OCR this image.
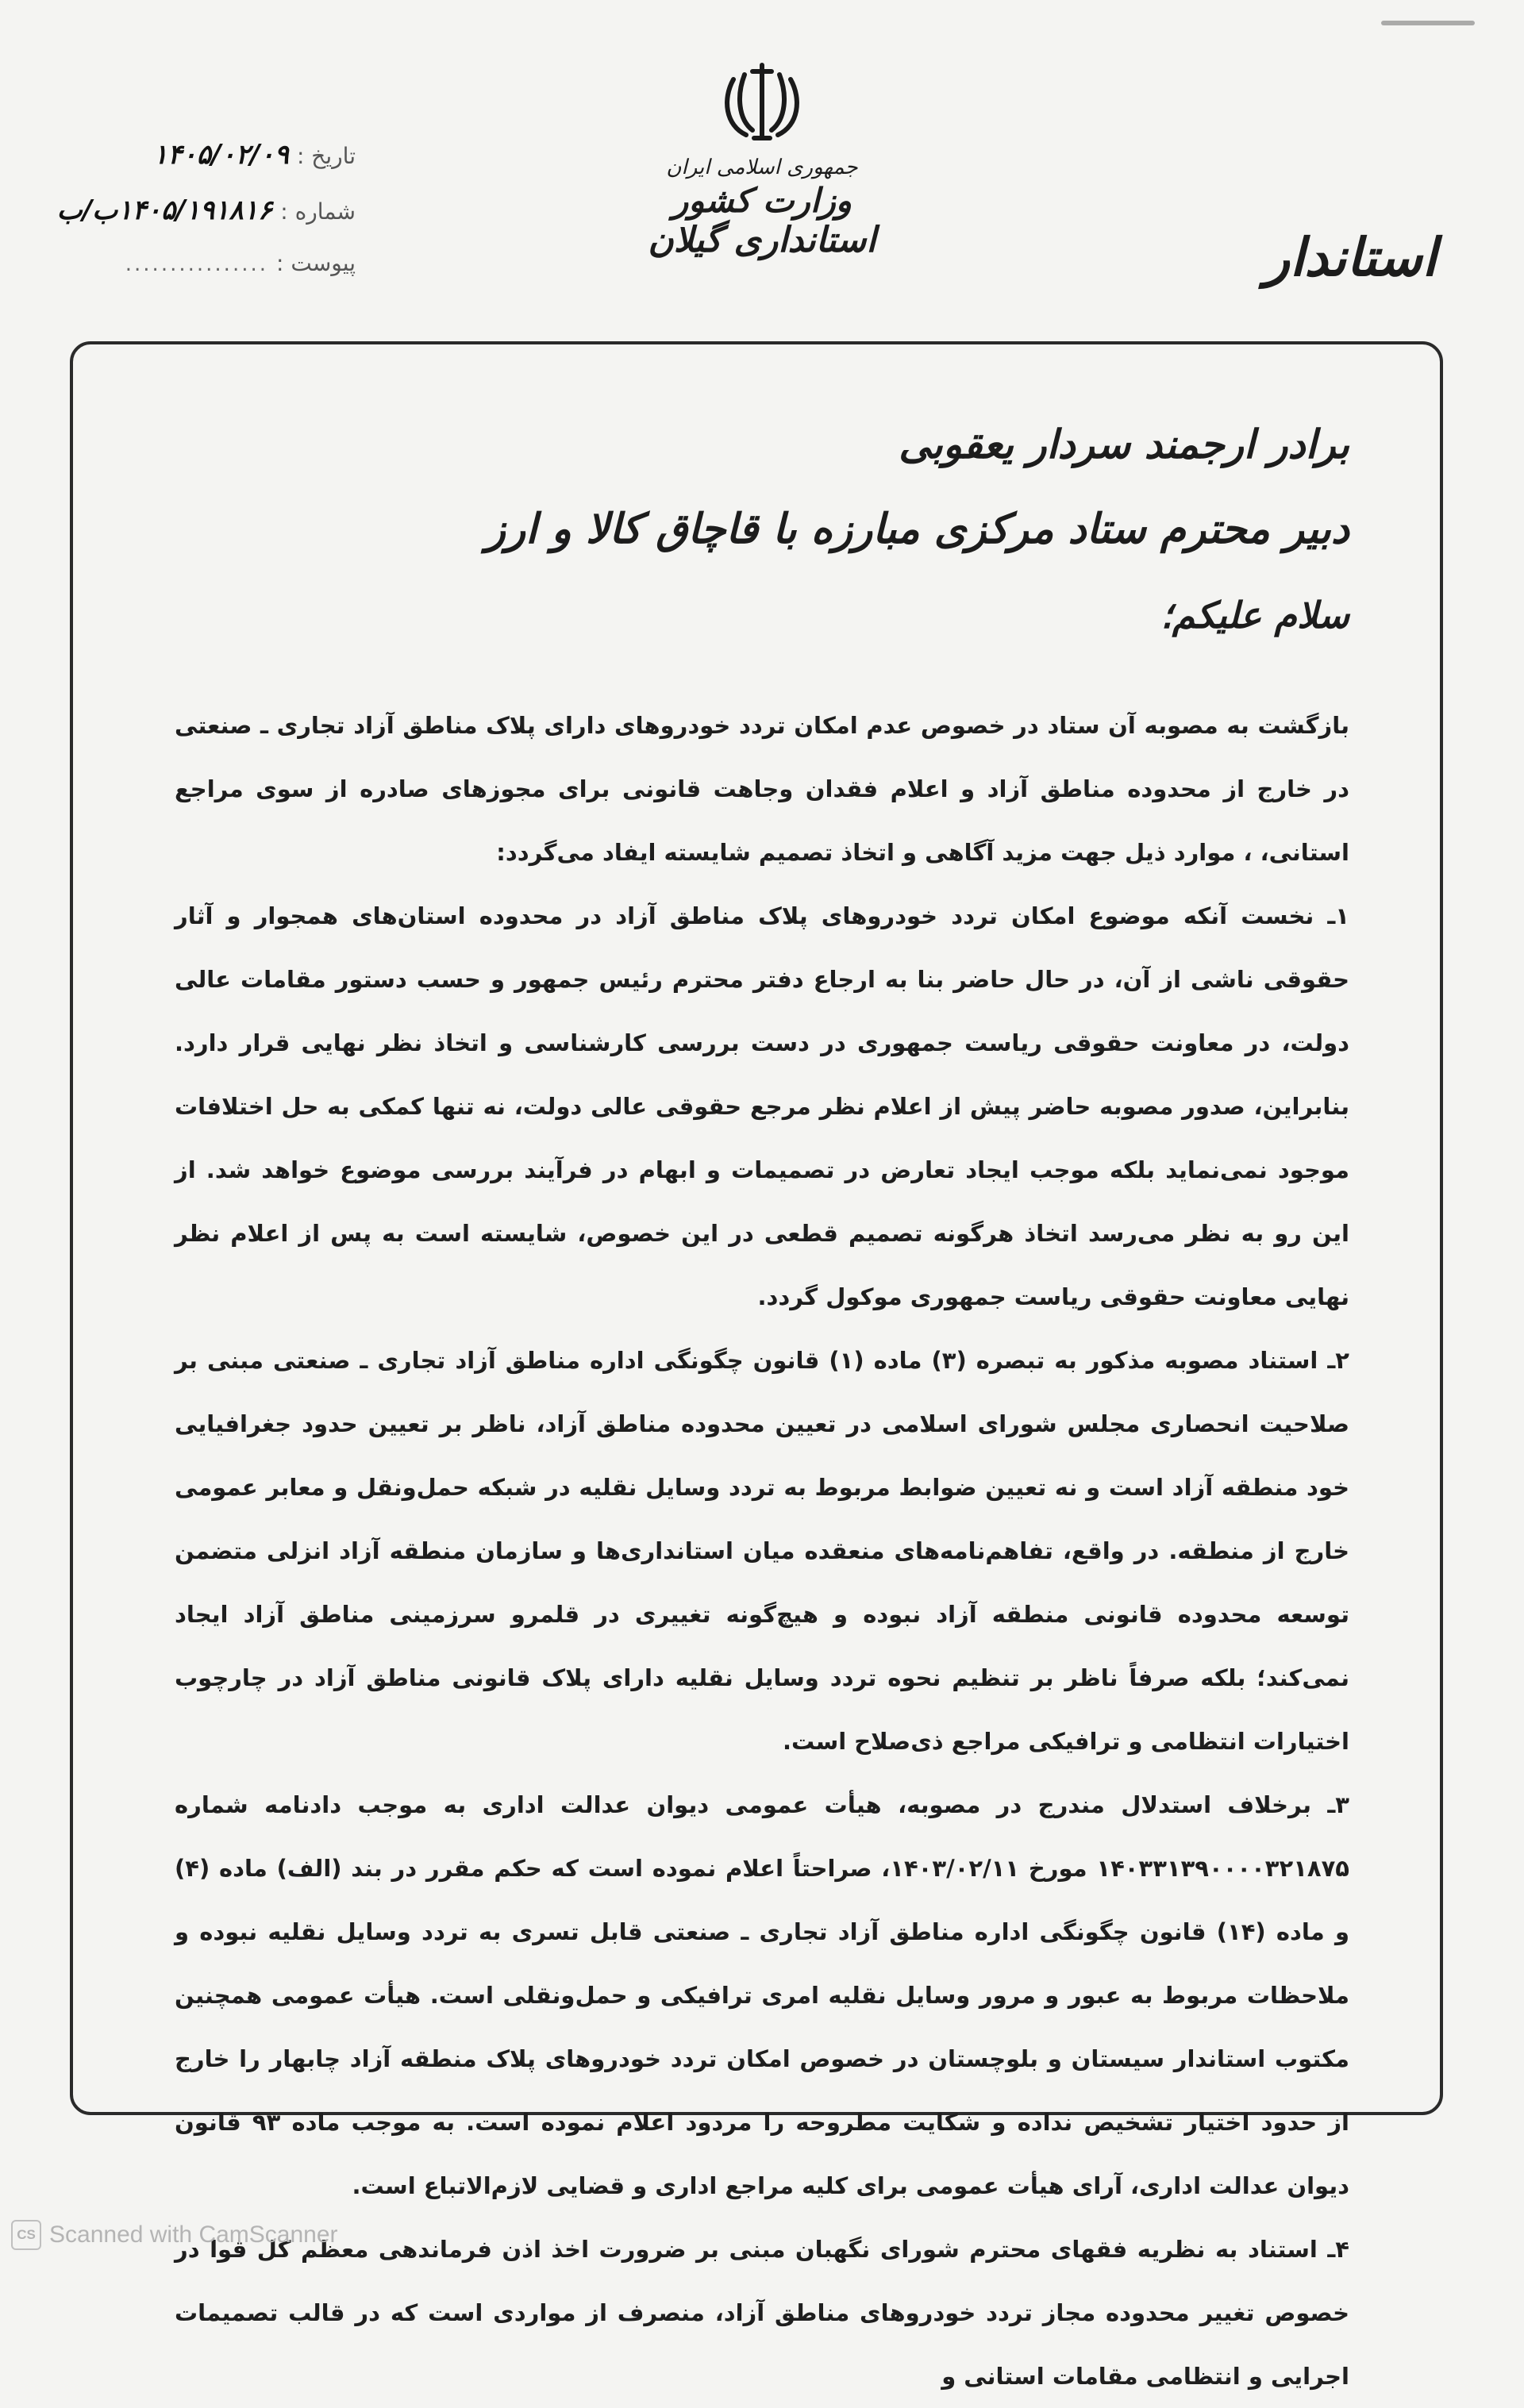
جمهوری اسلامی ایران
وزارت کشور
استانداری گیلان	استاندار
تاریخ :
۱۴۰۵/۰۲/۰۹
شماره :
۱۴۰۵/۱۹۱۸۱۶ب/ب
پیوست :
................
برادر ارجمند سردار یعقوبی
دبیر محترم ستاد مرکزی مبارزه با قاچاق کالا و ارز
سلام علیکم؛

بازگشت به مصوبه آن ستاد در خصوص عدم امکان تردد خودروهای دارای پلاک مناطق آزاد تجاری ـ صنعتی در خارج از محدوده مناطق آزاد و اعلام فقدان وجاهت قانونی برای مجوزهای صادره از سوی مراجع استانی، ، موارد ذیل جهت مزید آگاهی و اتخاذ تصمیم شایسته ایفاد می‌گردد:

۱ـ نخست آنکه موضوع امکان تردد خودروهای پلاک مناطق آزاد در محدوده استان‌های همجوار و آثار حقوقی ناشی از آن، در حال حاضر بنا به ارجاع دفتر محترم رئیس جمهور و حسب دستور مقامات عالی دولت، در معاونت حقوقی ریاست جمهوری در دست بررسی کارشناسی و اتخاذ نظر نهایی قرار دارد. بنابراین، صدور مصوبه حاضر پیش از اعلام نظر مرجع حقوقی عالی دولت، نه تنها کمکی به حل اختلافات موجود نمی‌نماید بلکه موجب ایجاد تعارض در تصمیمات و ابهام در فرآیند بررسی موضوع خواهد شد. از این رو به نظر می‌رسد اتخاذ هرگونه تصمیم قطعی در این خصوص، شایسته است به پس از اعلام نظر نهایی معاونت حقوقی ریاست جمهوری موکول گردد.

۲ـ استناد مصوبه مذکور به تبصره (۳) ماده (۱) قانون چگونگی اداره مناطق آزاد تجاری ـ صنعتی مبنی بر صلاحیت انحصاری مجلس شورای اسلامی در تعیین محدوده مناطق آزاد، ناظر بر تعیین حدود جغرافیایی خود منطقه آزاد است و نه تعیین ضوابط مربوط به تردد وسایل نقلیه در شبکه حمل‌ونقل و معابر عمومی خارج از منطقه. در واقع، تفاهم‌نامه‌های منعقده میان استانداری‌ها و سازمان منطقه آزاد انزلی متضمن توسعه محدوده قانونی منطقه آزاد نبوده و هیچ‌گونه تغییری در قلمرو سرزمینی مناطق آزاد ایجاد نمی‌کند؛ بلکه صرفاً ناظر بر تنظیم نحوه تردد وسایل نقلیه دارای پلاک قانونی مناطق آزاد در چارچوب اختیارات انتظامی و ترافیکی مراجع ذی‌صلاح است.

۳ـ برخلاف استدلال مندرج در مصوبه، هیأت عمومی دیوان عدالت اداری به موجب دادنامه شماره ۱۴۰۳۳۱۳۹۰۰۰۰۳۲۱۸۷۵ مورخ ۱۴۰۳/۰۲/۱۱، صراحتاً اعلام نموده است که حکم مقرر در بند (الف) ماده (۴) و ماده (۱۴) قانون چگونگی اداره مناطق آزاد تجاری ـ صنعتی قابل تسری به تردد وسایل نقلیه نبوده و ملاحظات مربوط به عبور و مرور وسایل نقلیه امری ترافیکی و حمل‌ونقلی است. هیأت عمومی همچنین مکتوب استاندار سیستان و بلوچستان در خصوص امکان تردد خودروهای پلاک منطقه آزاد چابهار را خارج از حدود اختیار تشخیص نداده و شکایت مطروحه را مردود اعلام نموده است. به موجب ماده ۹۳ قانون دیوان عدالت اداری، آرای هیأت عمومی برای کلیه مراجع اداری و قضایی لازم‌الاتباع است.

۴ـ استناد به نظریه فقهای محترم شورای نگهبان مبنی بر ضرورت اخذ اذن فرماندهی معظم کل قوا در خصوص تغییر محدوده مجاز تردد خودروهای مناطق آزاد، منصرف از مواردی است که در قالب تصمیمات اجرایی و انتظامی مقامات استانی و

CS Scanned with CamScanner
